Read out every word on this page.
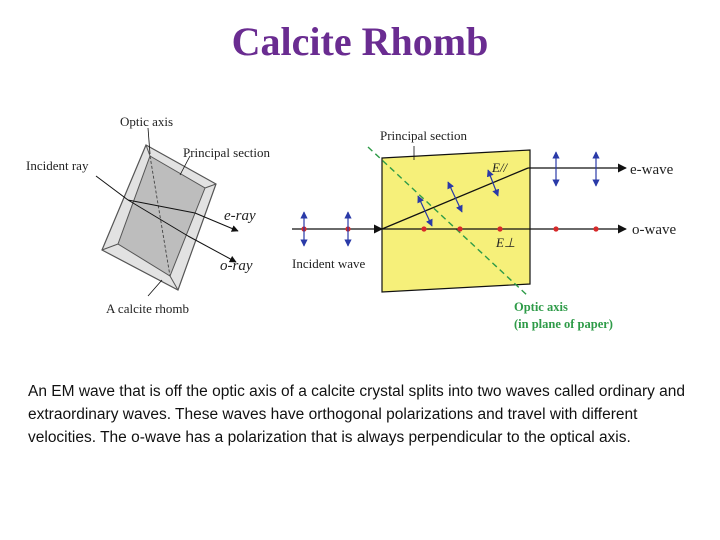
Calcite Rhomb
Optic axis
Principal section
Incident ray
e-ray
o-ray
A calcite rhomb
Principal section
E//
E⊥
e-wave
o-wave
Incident wave
Optic axis
(in plane of paper)
An EM wave that is off the optic axis of a calcite crystal splits into two waves called ordinary and extraordinary waves. These waves have orthogonal polarizations and travel with different velocities. The o-wave has a polarization that is always perpendicular to the optical axis.
